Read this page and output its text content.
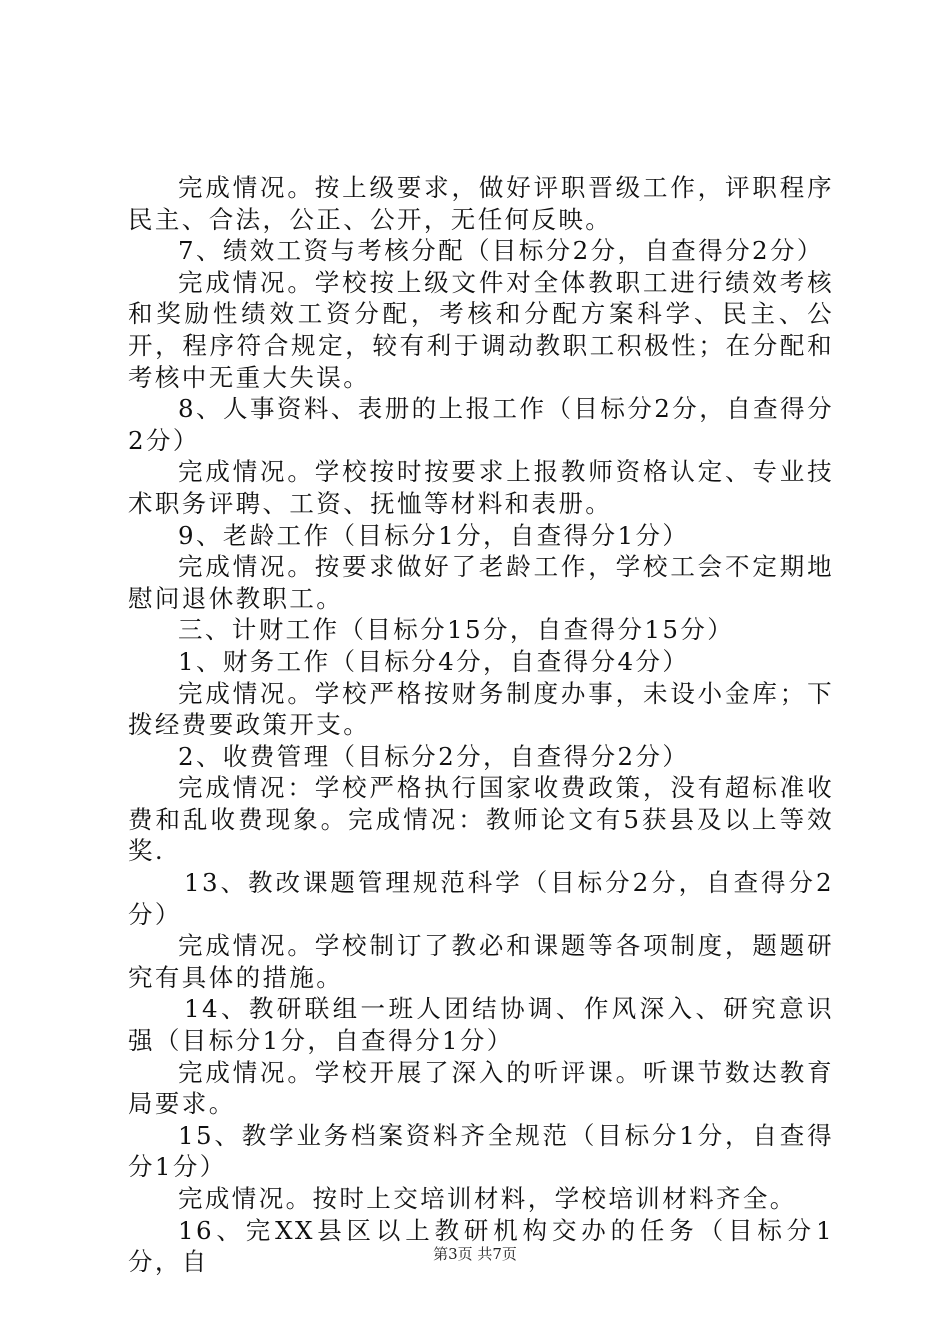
完成情况。按上级要求，做好评职晋级工作，评职程序民主、合法，公正、公开，无任何反映。

7、绩效工资与考核分配（目标分2分，自查得分2分）

完成情况。学校按上级文件对全体教职工进行绩效考核和奖励性绩效工资分配，考核和分配方案科学、民主、公开，程序符合规定，较有利于调动教职工积极性；在分配和考核中无重大失误。

8、人事资料、表册的上报工作（目标分2分，自查得分2分）

完成情况。学校按时按要求上报教师资格认定、专业技术职务评聘、工资、抚恤等材料和表册。

9、老龄工作（目标分1分，自查得分1分）

完成情况。按要求做好了老龄工作，学校工会不定期地慰问退休教职工。

三、计财工作（目标分15分，自查得分15分）

1、财务工作（目标分4分，自查得分4分）

完成情况。学校严格按财务制度办事，未设小金库；下拨经费要政策开支。

2、收费管理（目标分2分，自查得分2分）

完成情况：学校严格执行国家收费政策，没有超标准收费和乱收费现象。完成情况：教师论文有5获县及以上等效奖.

13、教改课题管理规范科学（目标分2分，自查得分2分）

完成情况。学校制订了教必和课题等各项制度，题题研究有具体的措施。

14、教研联组一班人团结协调、作风深入、研究意识强（目标分1分，自查得分1分）

完成情况。学校开展了深入的听评课。听课节数达教育局要求。

15、教学业务档案资料齐全规范（目标分1分，自查得分1分）

完成情况。按时上交培训材料，学校培训材料齐全。

16、完XX县区以上教研机构交办的任务（目标分1分，自	第3页 共7页
